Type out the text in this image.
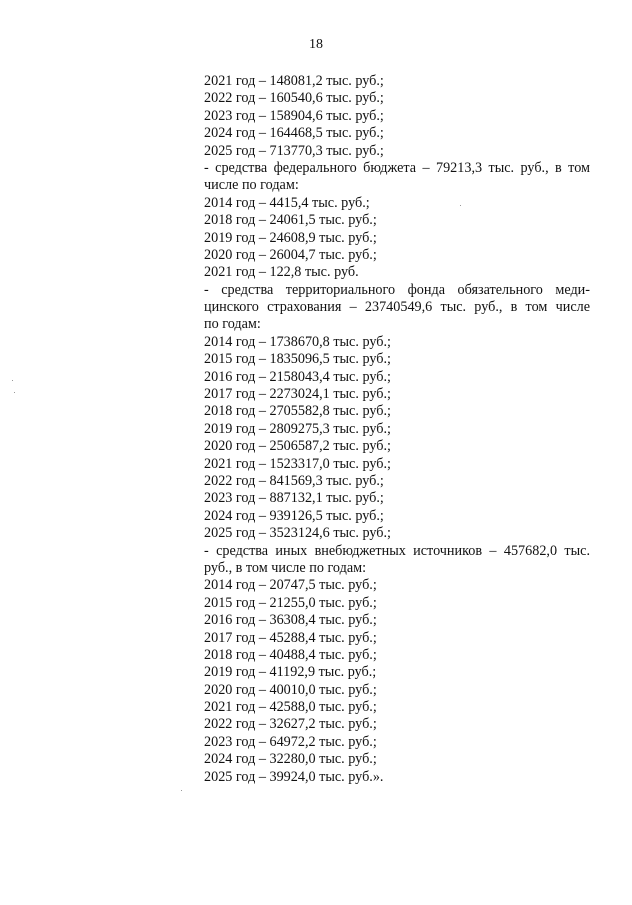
18
2021 год – 148081,2 тыс. руб.;
2022 год – 160540,6 тыс. руб.;
2023 год – 158904,6 тыс. руб.;
2024 год – 164468,5 тыс. руб.;
2025 год – 713770,3 тыс. руб.;
- средства федерального бюджета – 79213,3 тыс. руб., в том
числе по годам:
2014 год – 4415,4 тыс. руб.;
2018 год – 24061,5 тыс. руб.;
2019 год – 24608,9 тыс. руб.;
2020 год – 26004,7 тыс. руб.;
2021 год – 122,8 тыс. руб.
- средства территориального фонда обязательного меди-
цинского страхования – 23740549,6 тыс. руб., в том числе
по годам:
2014 год – 1738670,8 тыс. руб.;
2015 год – 1835096,5 тыс. руб.;
2016 год – 2158043,4 тыс. руб.;
2017 год – 2273024,1 тыс. руб.;
2018 год – 2705582,8 тыс. руб.;
2019 год – 2809275,3 тыс. руб.;
2020 год – 2506587,2 тыс. руб.;
2021 год – 1523317,0 тыс. руб.;
2022 год – 841569,3 тыс. руб.;
2023 год – 887132,1 тыс. руб.;
2024 год – 939126,5 тыс. руб.;
2025 год – 3523124,6 тыс. руб.;
- средства иных внебюджетных источников – 457682,0 тыс.
руб., в том числе по годам:
2014 год – 20747,5 тыс. руб.;
2015 год – 21255,0 тыс. руб.;
2016 год – 36308,4 тыс. руб.;
2017 год – 45288,4 тыс. руб.;
2018 год – 40488,4 тыс. руб.;
2019 год – 41192,9 тыс. руб.;
2020 год – 40010,0 тыс. руб.;
2021 год – 42588,0 тыс. руб.;
2022 год – 32627,2 тыс. руб.;
2023 год – 64972,2 тыс. руб.;
2024 год – 32280,0 тыс. руб.;
2025 год – 39924,0 тыс. руб.».
